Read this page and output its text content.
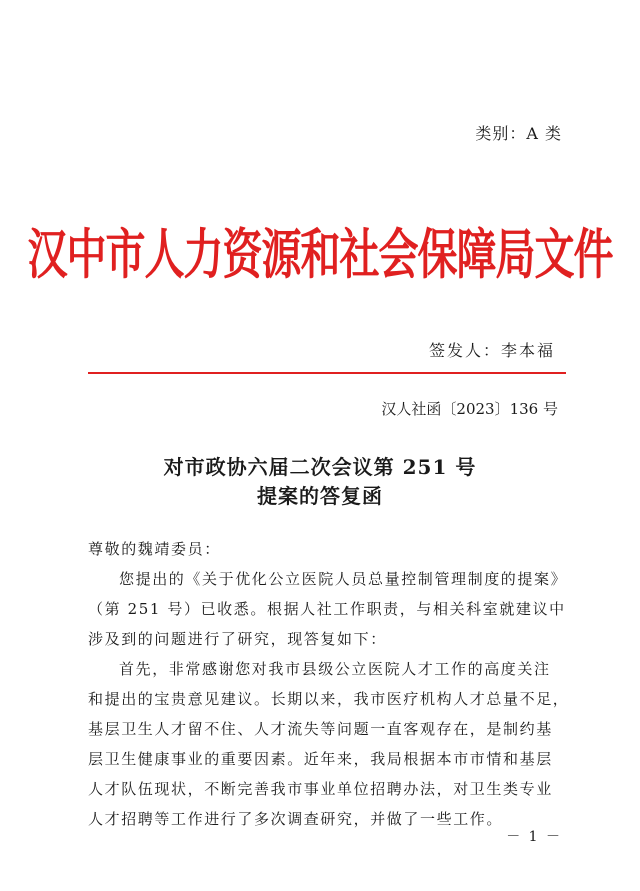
类别：A 类
汉中市人力资源和社会保障局文件
签发人：李本福
汉人社函〔2023〕136 号
对市政协六届二次会议第 251 号
提案的答复函
尊敬的魏靖委员：
您提出的《关于优化公立医院人员总量控制管理制度的提案》
（第 251 号）已收悉。根据人社工作职责，与相关科室就建议中
涉及到的问题进行了研究，现答复如下：
首先，非常感谢您对我市县级公立医院人才工作的高度关注
和提出的宝贵意见建议。长期以来，我市医疗机构人才总量不足，
基层卫生人才留不住、人才流失等问题一直客观存在，是制约基
层卫生健康事业的重要因素。近年来，我局根据本市市情和基层
人才队伍现状，不断完善我市事业单位招聘办法，对卫生类专业
人才招聘等工作进行了多次调查研究，并做了一些工作。
－ 1 －
